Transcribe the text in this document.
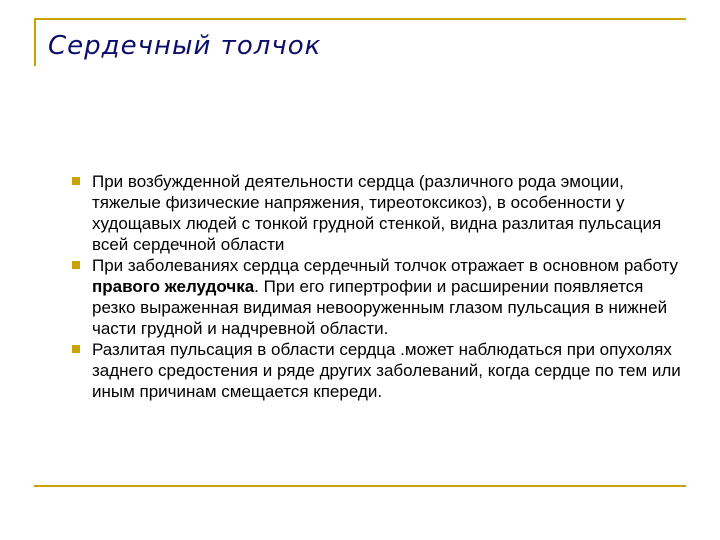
Сердечный толчок
При возбужденной деятельности сердца (различного рода эмоции, тяжелые физические напряжения, тиреотоксикоз), в особенности у худощавых людей с тонкой грудной стенкой, видна разлитая пульсация всей сердечной области
При заболеваниях сердца сердечный толчок отражает в основном работу правого желудочка. При его гипертрофии и расширении появляется резко выраженная видимая невооруженным глазом пульсация в нижней части грудной и надчревной области.
Разлитая пульсация в области сердца .может наблюдаться при опухолях заднего средостения и ряде других заболеваний, когда сердце по тем или иным причинам смещается кпереди.
